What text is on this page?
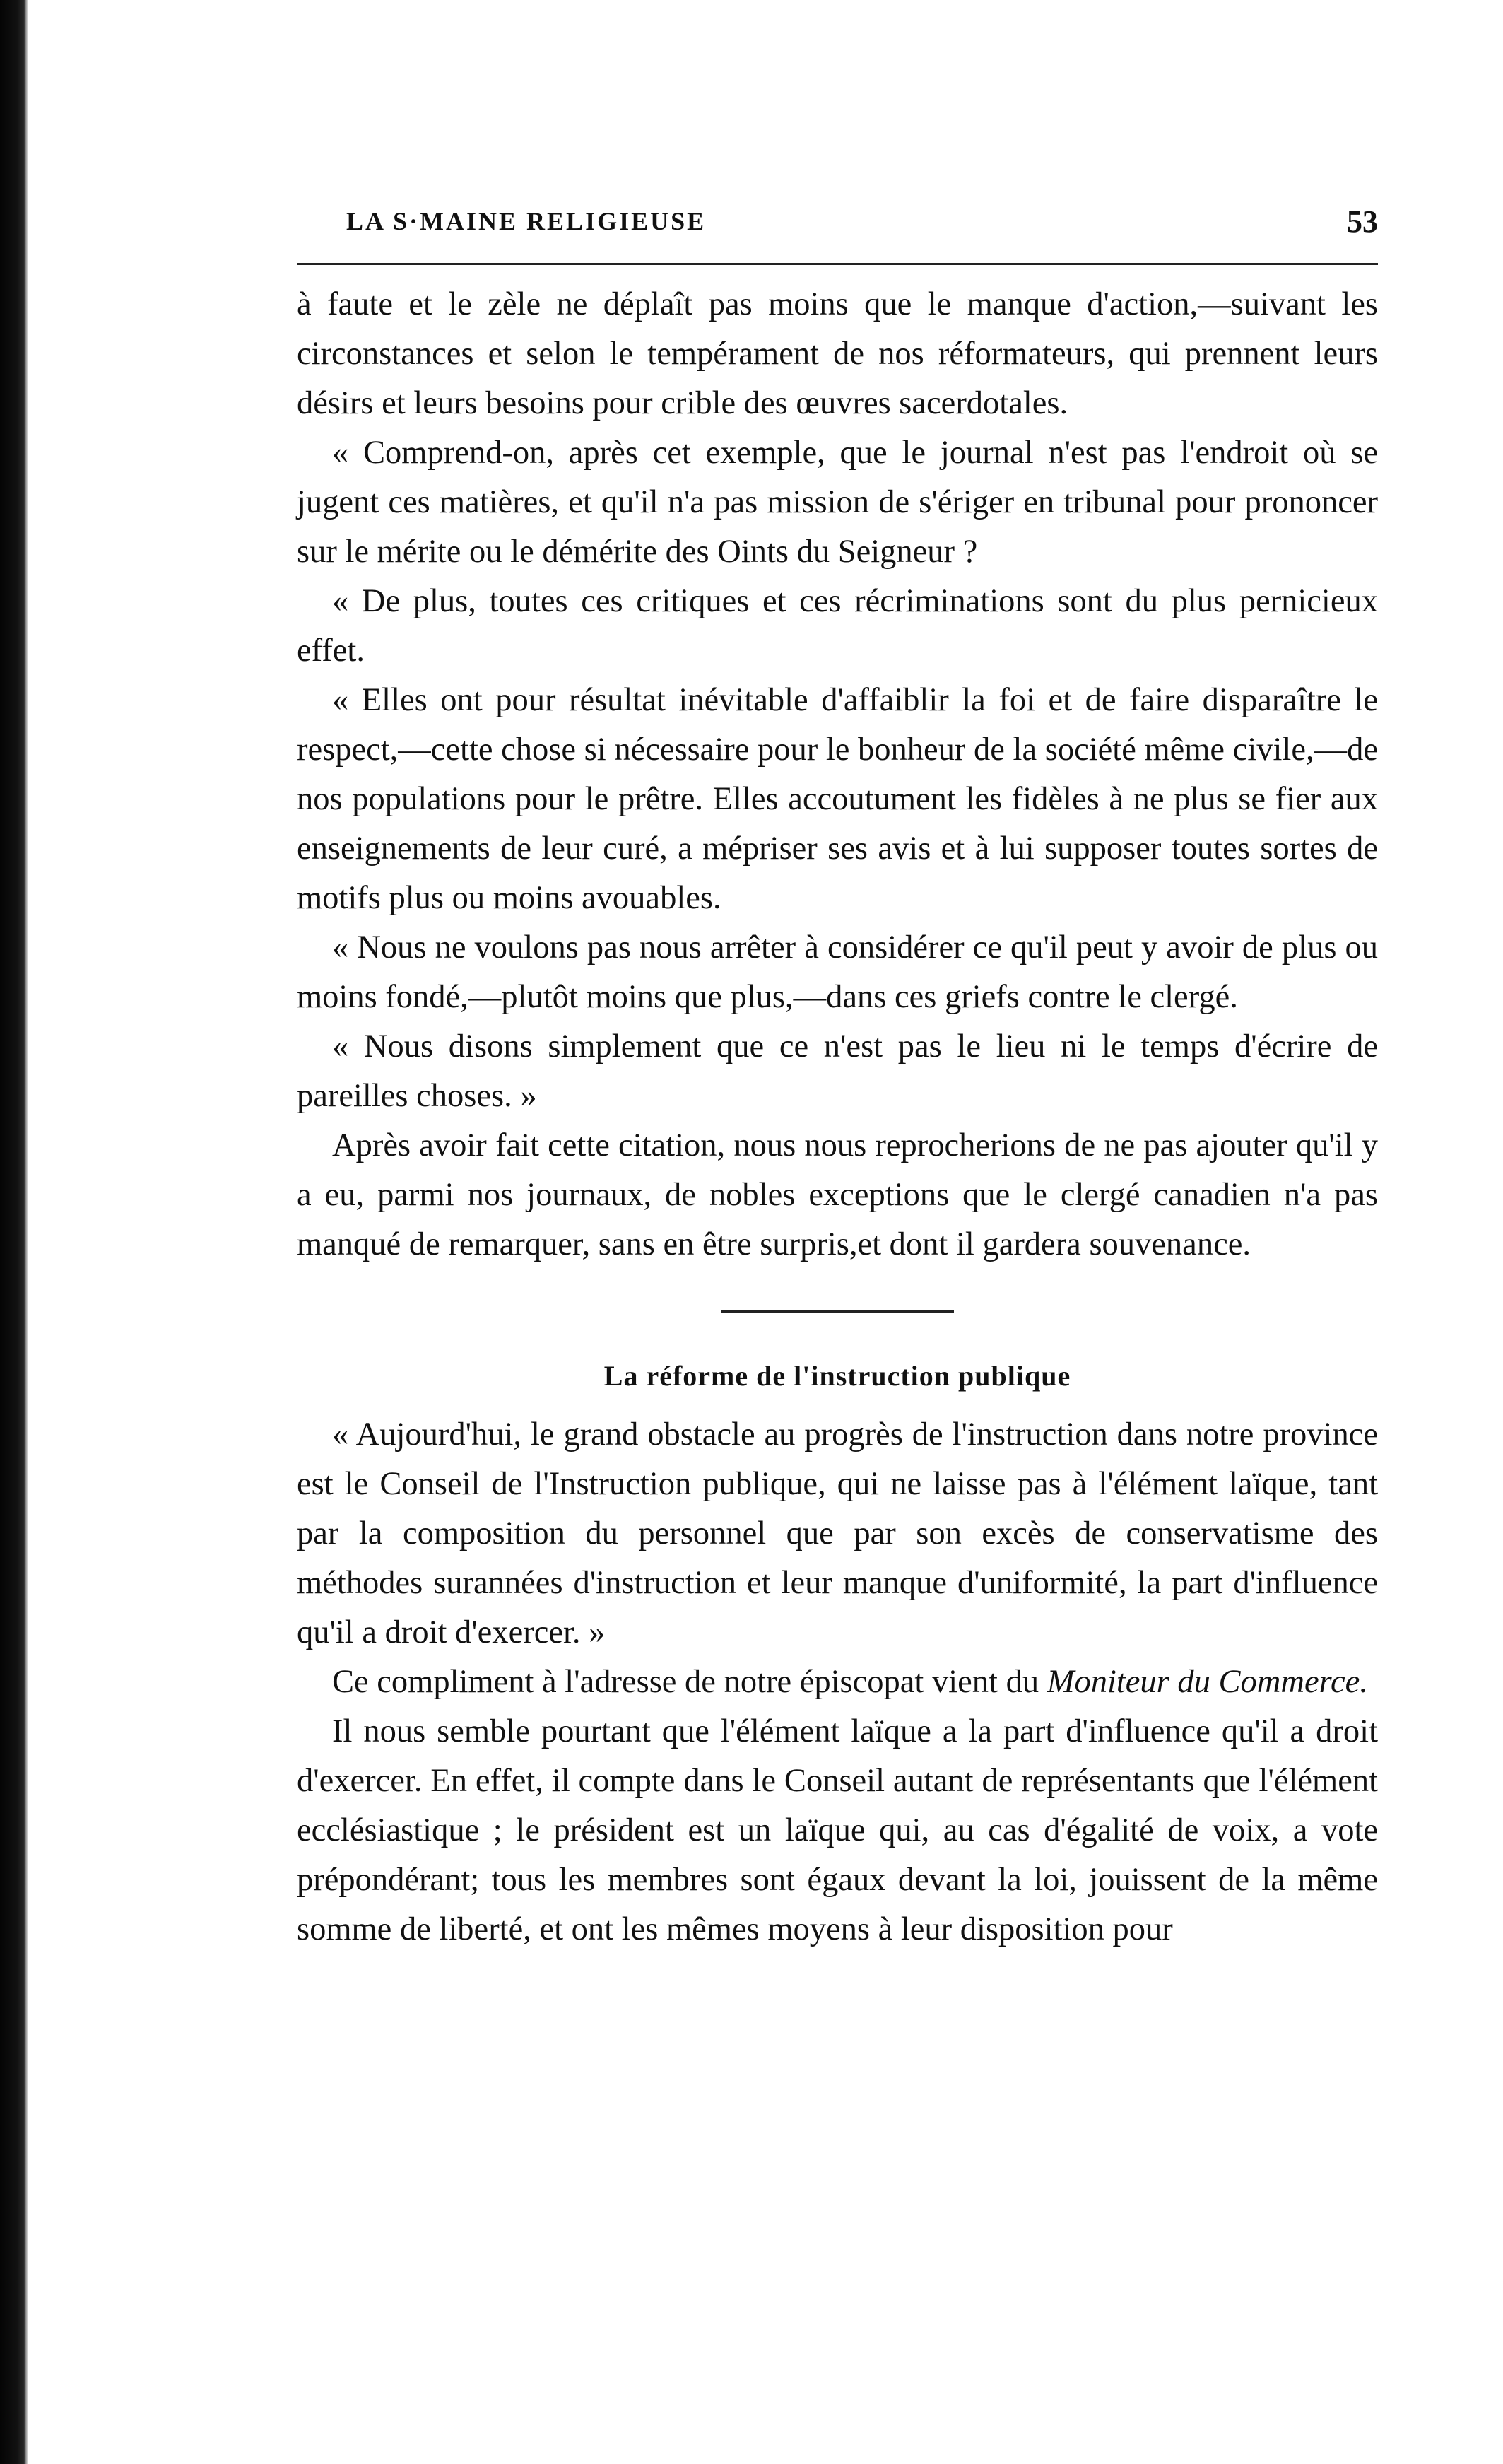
LA S·MAINE RELIGIEUSE	53

à faute et le zèle ne déplaît pas moins que le manque d'action,—suivant les circonstances et selon le tempérament de nos réformateurs, qui prennent leurs désirs et leurs besoins pour crible des œuvres sacerdotales.

« Comprend-on, après cet exemple, que le journal n'est pas l'endroit où se jugent ces matières, et qu'il n'a pas mission de s'ériger en tribunal pour prononcer sur le mérite ou le démérite des Oints du Seigneur ?

« De plus, toutes ces critiques et ces récriminations sont du plus pernicieux effet.

« Elles ont pour résultat inévitable d'affaiblir la foi et de faire disparaître le respect,—cette chose si nécessaire pour le bonheur de la société même civile,—de nos populations pour le prêtre. Elles accoutument les fidèles à ne plus se fier aux enseignements de leur curé, a mépriser ses avis et à lui supposer toutes sortes de motifs plus ou moins avouables.

« Nous ne voulons pas nous arrêter à considérer ce qu'il peut y avoir de plus ou moins fondé,—plutôt moins que plus,—dans ces griefs contre le clergé.

« Nous disons simplement que ce n'est pas le lieu ni le temps d'écrire de pareilles choses. »

Après avoir fait cette citation, nous nous reprocherions de ne pas ajouter qu'il y a eu, parmi nos journaux, de nobles exceptions que le clergé canadien n'a pas manqué de remarquer, sans en être surpris,et dont il gardera souvenance.

La réforme de l'instruction publique

« Aujourd'hui, le grand obstacle au progrès de l'instruction dans notre province est le Conseil de l'Instruction publique, qui ne laisse pas à l'élément laïque, tant par la composition du personnel que par son excès de conservatisme des méthodes surannées d'instruction et leur manque d'uniformité, la part d'influence qu'il a droit d'exercer. »

Ce compliment à l'adresse de notre épiscopat vient du Moniteur du Commerce.

Il nous semble pourtant que l'élément laïque a la part d'influence qu'il a droit d'exercer. En effet, il compte dans le Conseil autant de représentants que l'élément ecclésiastique ; le président est un laïque qui, au cas d'égalité de voix, a vote prépondérant; tous les membres sont égaux devant la loi, jouissent de la même somme de liberté, et ont les mêmes moyens à leur disposition pour
